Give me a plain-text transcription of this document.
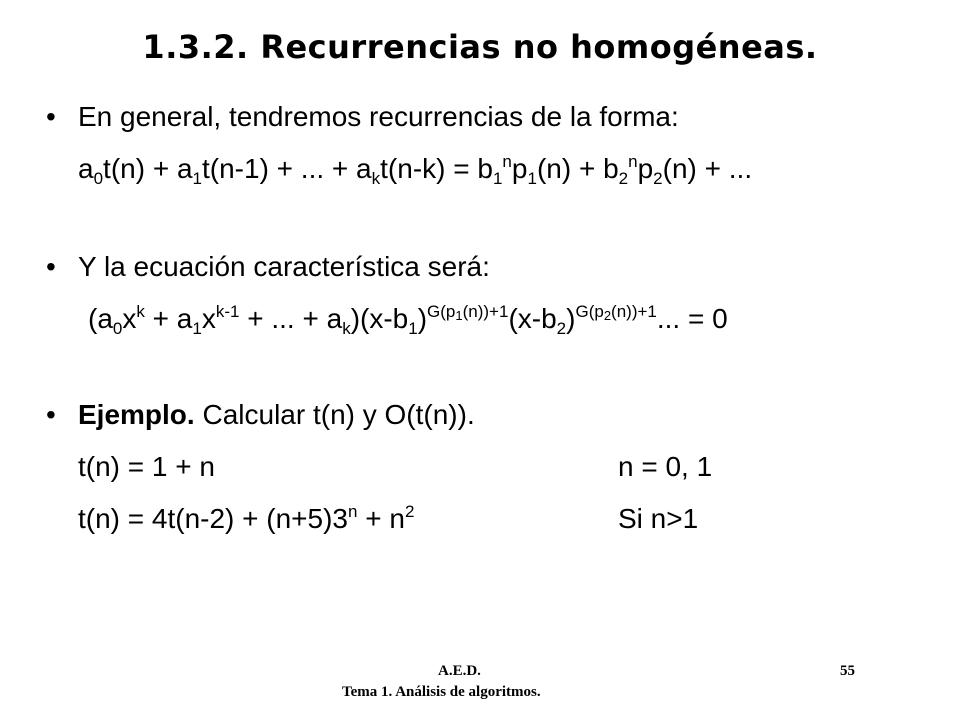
1.3.2. Recurrencias no homogéneas.
• En general, tendremos recurrencias de la forma:
$a_0t(n) + a_1t(n-1)$ + ... + $a_kt(n-k) = b_1^np_1(n) + b_2^np_2(n)$ + ...
• Y la ecuación característica será:
($a_0x^k + a_1x^{k-1}$ + ... + $a_k)(x-b_1)^{G(p1(n))+1}(x-b_2)^{G(p2(n))+1}$... = 0
• Ejemplo. Calcular t(n) y O(t(n)).
t(n) = 1 + n	n = 0, 1
$t(n) = 4t(n-2) + (n+5)3^n + n^2$	Si n>1
A.E.D.
Tema 1. Análisis de algoritmos.
55
